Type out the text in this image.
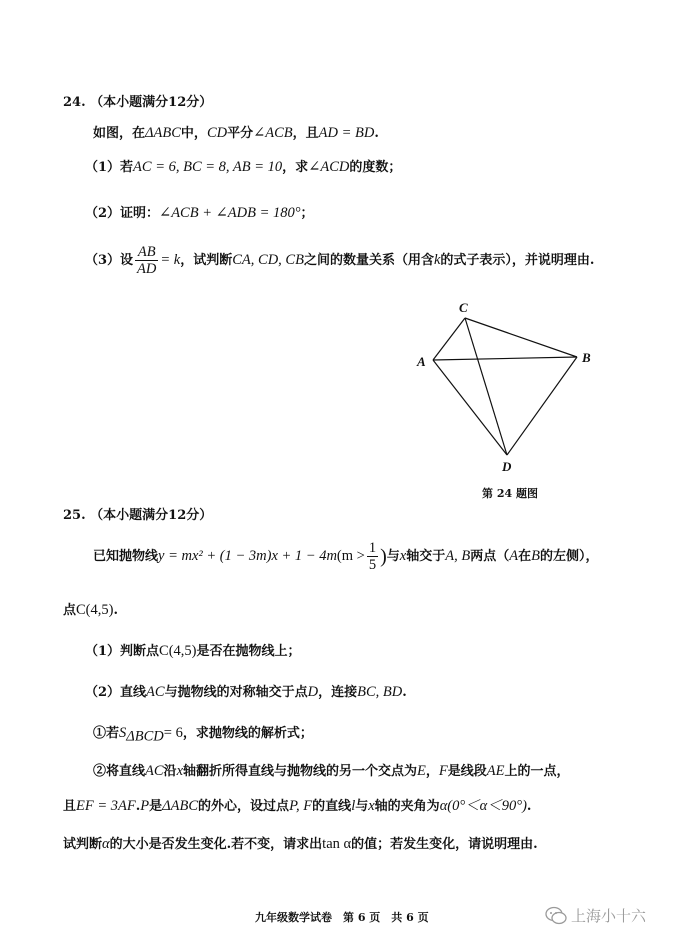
24. （本小题满分12分）
如图，在ΔABC中，CD平分∠ACB，且AD = BD.
（1）若AC = 6, BC = 8, AB = 10，求∠ACD的度数；
（2）证明：∠ACB + ∠ADB = 180°；
（3）设 $\frac{AB}{AD} = k$，试判断CA, CD, CB之间的数量关系（用含k的式子表示），并说明理由.
C
A	B
D
第 24 题图
25. （本小题满分12分）
已知抛物线$y = mx^2 + (1 - 3m)x + 1 - 4m(m > \frac{1}{5}$ )与x轴交于A, B两点（A在B的左侧），
点C(4,5).
（1）判断点C(4,5)是否在抛物线上；
（2）直线AC与抛物线的对称轴交于点D，连接BC, BD.
①若$S_{\Delta BCD}= 6$，求抛物线的解析式；
②将直线AC沿x轴翻折所得直线与抛物线的另一个交点为E，F是线段AE上的一点，
且EF = 3AF.P是ΔABC的外心，设过点P, F的直线l与x轴的夹角为α(0°＜α＜90°).
试判断α的大小是否发生变化.若不变，请求出tan α的值；若发生变化，请说明理由.
九年级数学试卷　第 6 页　共 6 页	上海小十六
